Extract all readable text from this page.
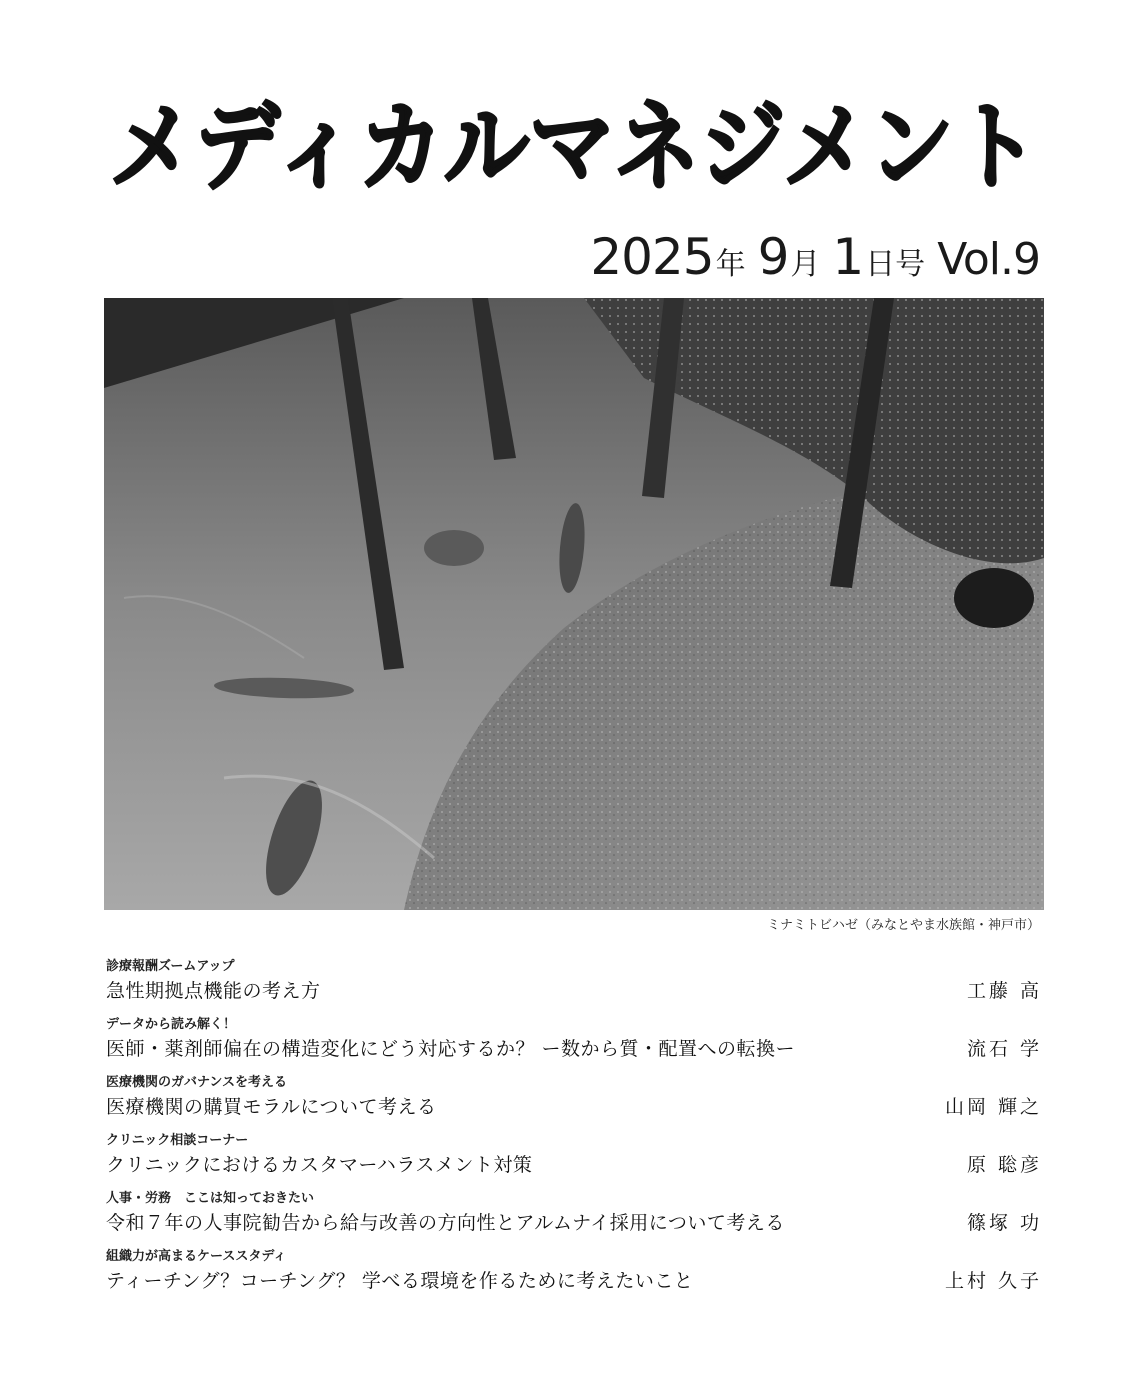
メディカルマネジメント
2025年 9月 1日号 Vol.9
ミナミトビハゼ（みなとやま水族館・神戸市）
診療報酬ズームアップ
急性期拠点機能の考え方	工藤 高
データから読み解く！
医師・薬剤師偏在の構造変化にどう対応するか？ ー数から質・配置への転換ー	流石 学
医療機関のガバナンスを考える
医療機関の購買モラルについて考える	山岡 輝之
クリニック相談コーナー
クリニックにおけるカスタマーハラスメント対策	原 聡彦
人事・労務　ここは知っておきたい
令和７年の人事院勧告から給与改善の方向性とアルムナイ採用について考える	篠塚 功
組織力が高まるケーススタディ
ティーチング？コーチング？ 学べる環境を作るために考えたいこと	上村 久子
